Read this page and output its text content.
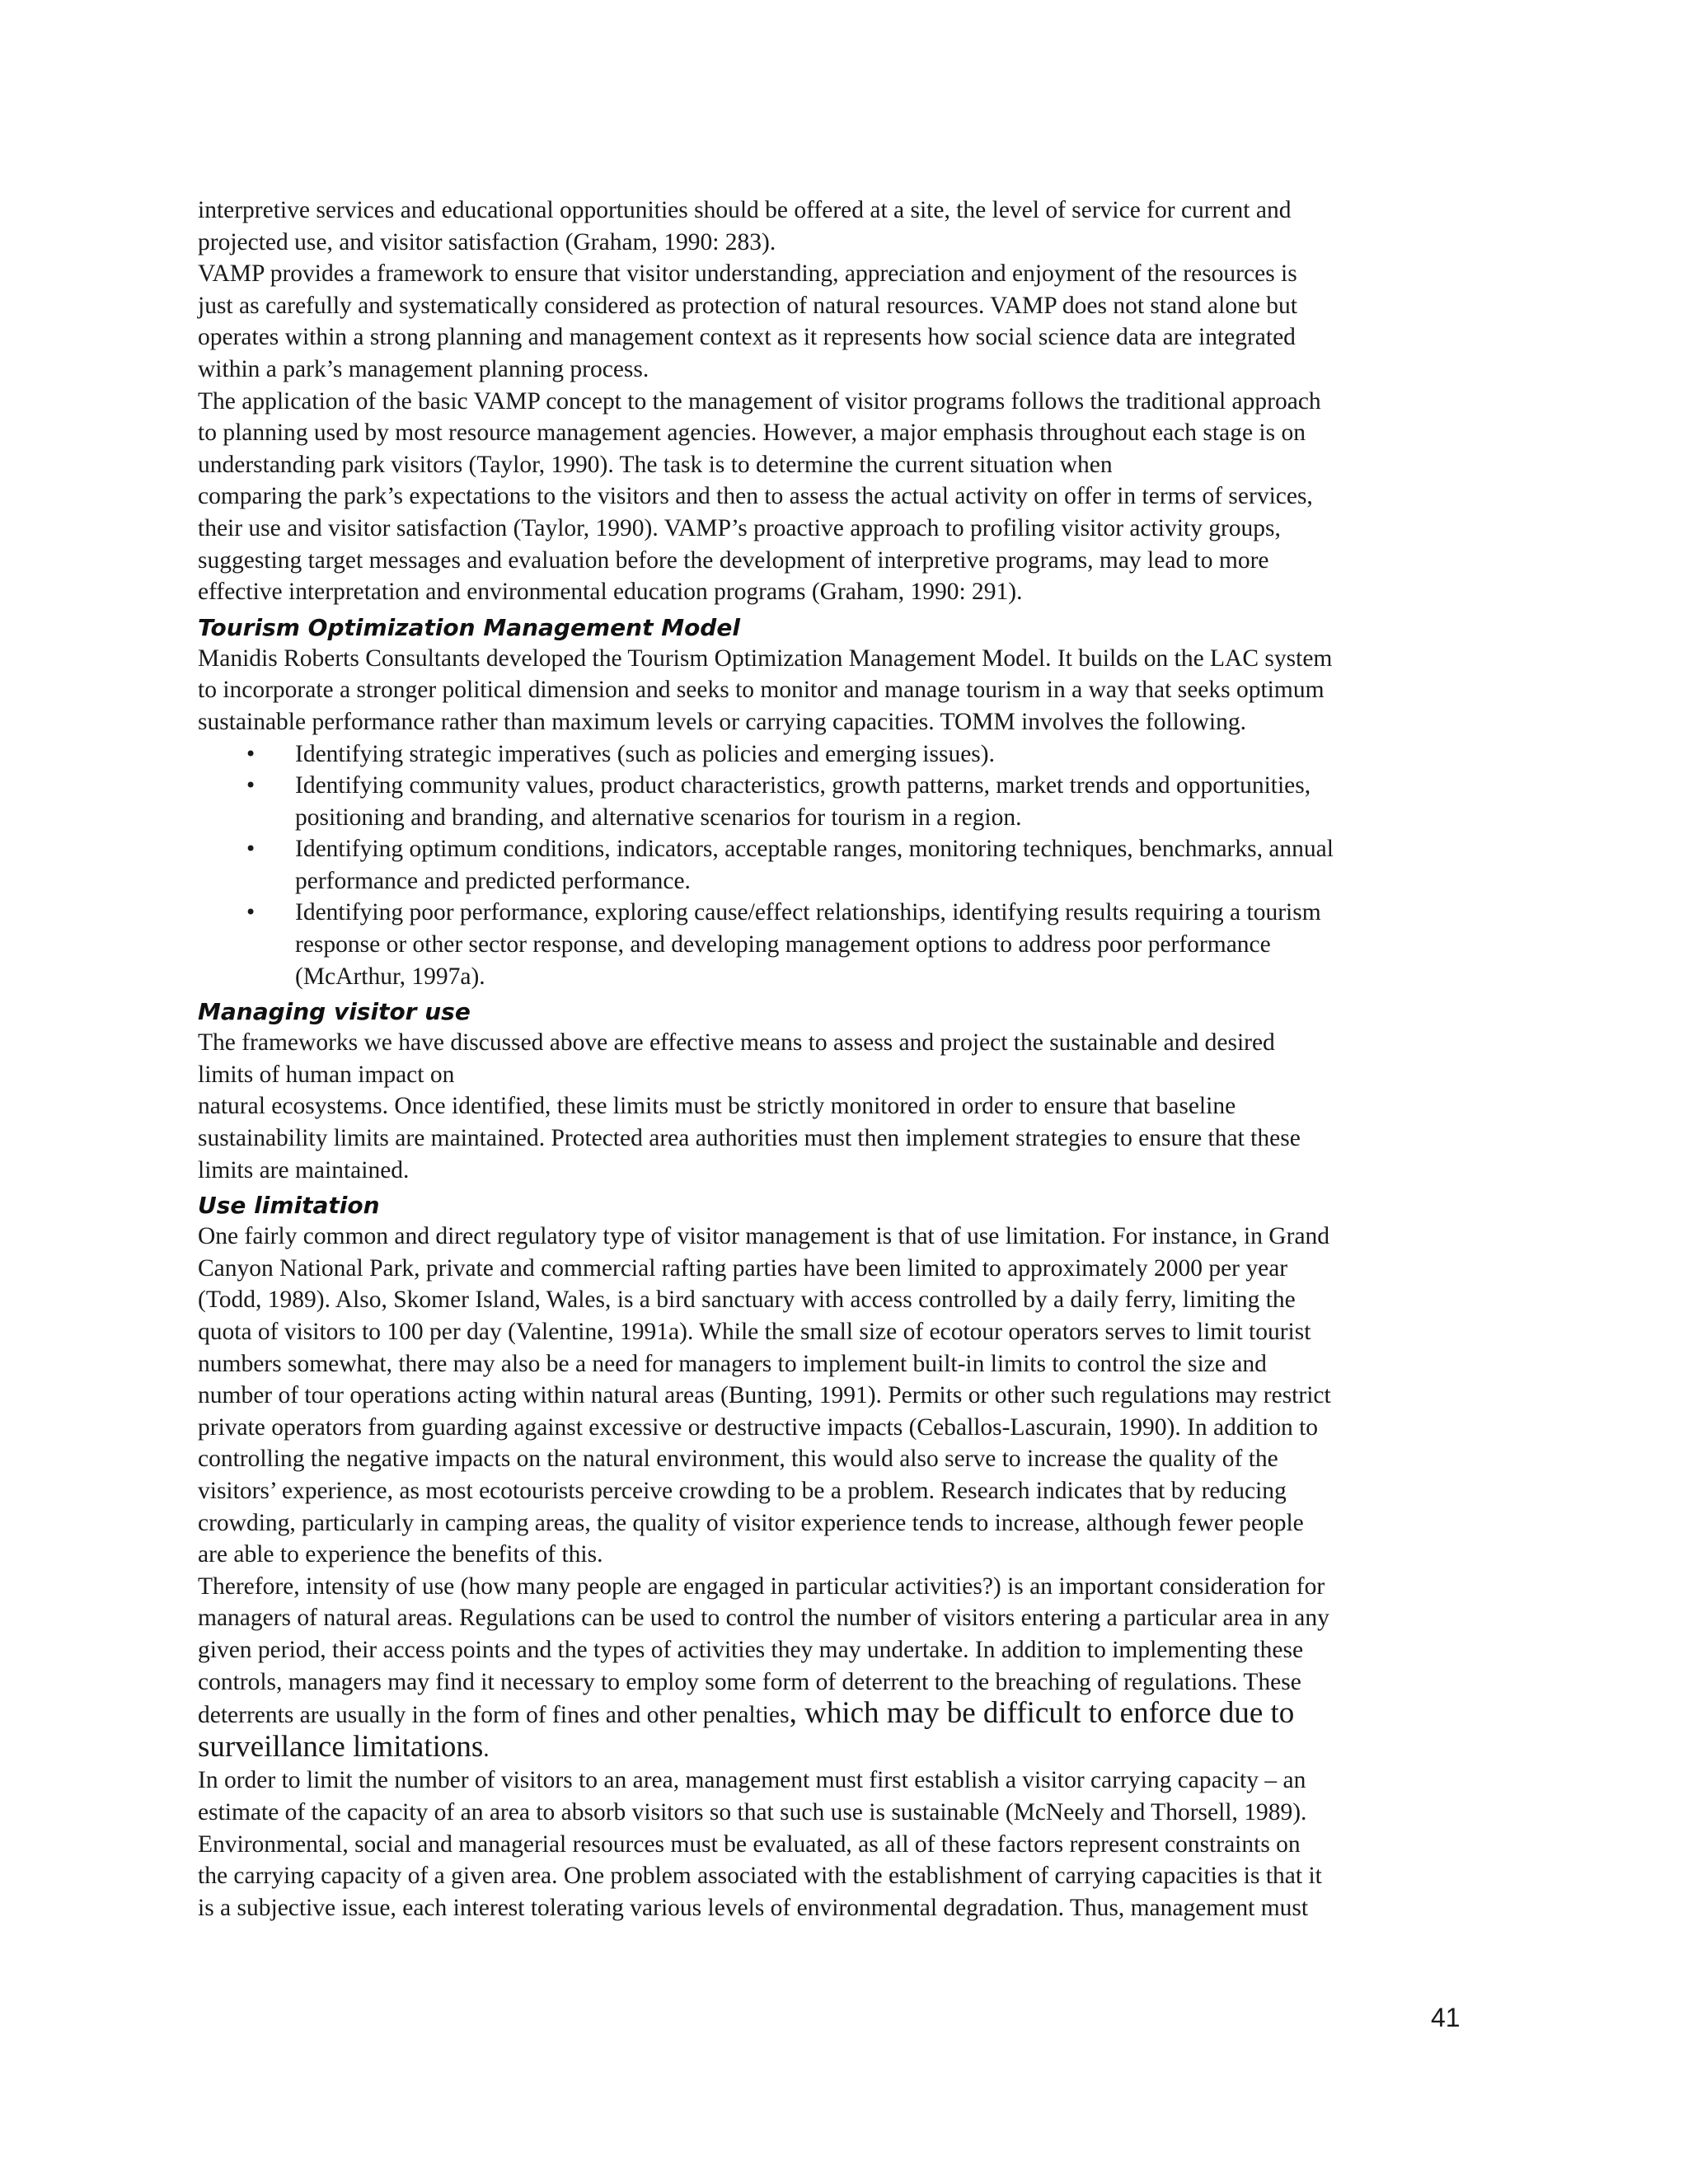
interpretive services and educational opportunities should be offered at a site, the level of service for current and
projected use, and visitor satisfaction (Graham, 1990: 283).

VAMP provides a framework to ensure that visitor understanding, appreciation and enjoyment of the resources is
just as carefully and systematically considered as protection of natural resources. VAMP does not stand alone but
operates within a strong planning and management context as it represents how social science data are integrated
within a park’s management planning process.

The application of the basic VAMP concept to the management of visitor programs follows the traditional approach
to planning used by most resource management agencies. However, a major emphasis throughout each stage is on
understanding park visitors (Taylor, 1990). The task is to determine the current situation when
comparing the park’s expectations to the visitors and then to assess the actual activity on offer in terms of services,
their use and visitor satisfaction (Taylor, 1990). VAMP’s proactive approach to profiling visitor activity groups,
suggesting target messages and evaluation before the development of interpretive programs, may lead to more
effective interpretation and environmental education programs (Graham, 1990: 291).

Tourism Optimization Management Model

Manidis Roberts Consultants developed the Tourism Optimization Management Model. It builds on the LAC system
to incorporate a stronger political dimension and seeks to monitor and manage tourism in a way that seeks optimum
sustainable performance rather than maximum levels or carrying capacities. TOMM involves the following.

• Identifying strategic imperatives (such as policies and emerging issues).
• Identifying community values, product characteristics, growth patterns, market trends and opportunities,
positioning and branding, and alternative scenarios for tourism in a region.
• Identifying optimum conditions, indicators, acceptable ranges, monitoring techniques, benchmarks, annual
performance and predicted performance.
• Identifying poor performance, exploring cause/effect relationships, identifying results requiring a tourism
response or other sector response, and developing management options to address poor performance
(McArthur, 1997a).
Managing visitor use

The frameworks we have discussed above are effective means to assess and project the sustainable and desired
limits of human impact on
natural ecosystems. Once identified, these limits must be strictly monitored in order to ensure that baseline
sustainability limits are maintained. Protected area authorities must then implement strategies to ensure that these
limits are maintained.

Use limitation

One fairly common and direct regulatory type of visitor management is that of use limitation. For instance, in Grand
Canyon National Park, private and commercial rafting parties have been limited to approximately 2000 per year
(Todd, 1989). Also, Skomer Island, Wales, is a bird sanctuary with access controlled by a daily ferry, limiting the
quota of visitors to 100 per day (Valentine, 1991a). While the small size of ecotour operators serves to limit tourist
numbers somewhat, there may also be a need for managers to implement built-in limits to control the size and
number of tour operations acting within natural areas (Bunting, 1991). Permits or other such regulations may restrict
private operators from guarding against excessive or destructive impacts (Ceballos-Lascurain, 1990). In addition to
controlling the negative impacts on the natural environment, this would also serve to increase the quality of the
visitors’ experience, as most ecotourists perceive crowding to be a problem. Research indicates that by reducing
crowding, particularly in camping areas, the quality of visitor experience tends to increase, although fewer people
are able to experience the benefits of this.

Therefore, intensity of use (how many people are engaged in particular activities?) is an important consideration for
managers of natural areas. Regulations can be used to control the number of visitors entering a particular area in any
given period, their access points and the types of activities they may undertake. In addition to implementing these
controls, managers may find it necessary to employ some form of deterrent to the breaching of regulations. These
deterrents are usually in the form of fines and other penalties, which may be difficult to enforce due to
surveillance limitations.

In order to limit the number of visitors to an area, management must first establish a visitor carrying capacity – an
estimate of the capacity of an area to absorb visitors so that such use is sustainable (McNeely and Thorsell, 1989).
Environmental, social and managerial resources must be evaluated, as all of these factors represent constraints on
the carrying capacity of a given area. One problem associated with the establishment of carrying capacities is that it
is a subjective issue, each interest tolerating various levels of environmental degradation. Thus, management must

41
